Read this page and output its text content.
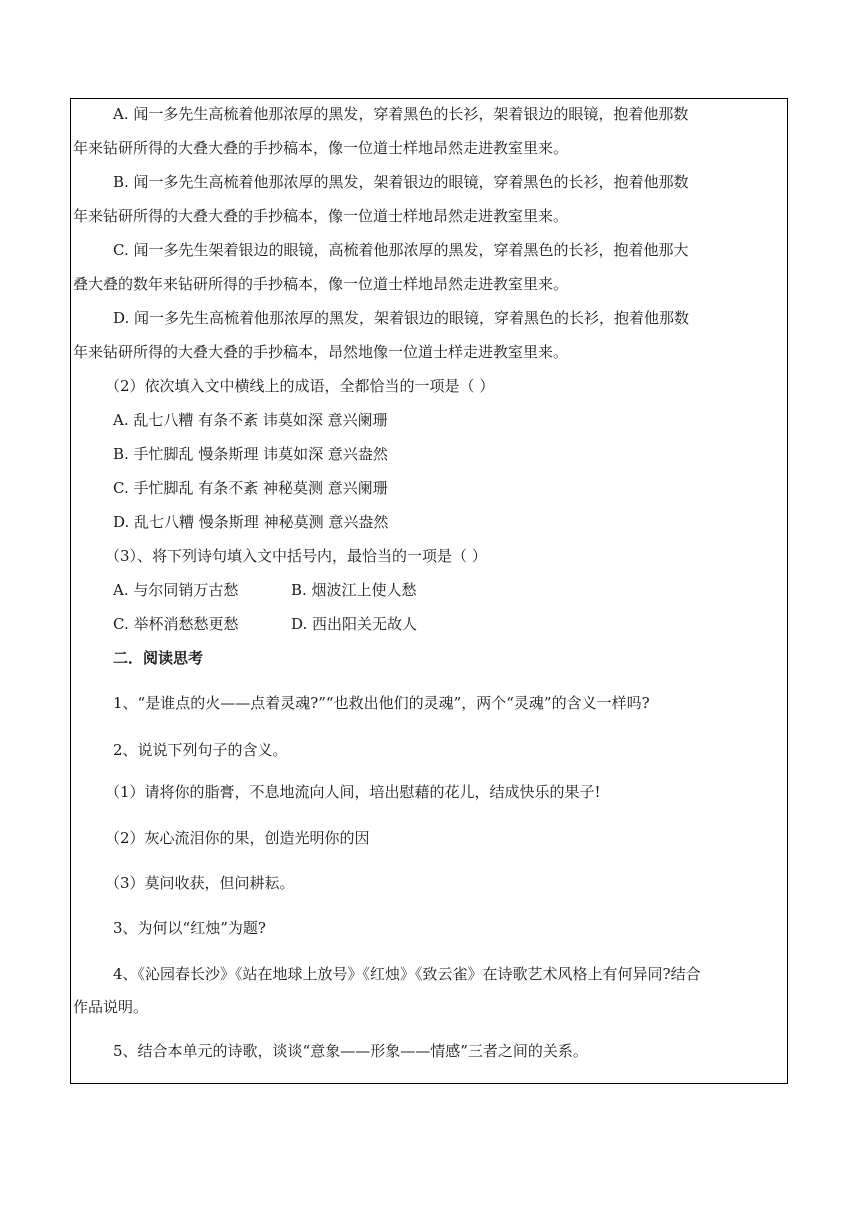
A. 闻一多先生高梳着他那浓厚的黑发，穿着黑色的长衫，架着银边的眼镜，抱着他那数
年来钻研所得的大叠大叠的手抄稿本，像一位道士样地昂然走进教室里来。
B. 闻一多先生高梳着他那浓厚的黑发，架着银边的眼镜，穿着黑色的长衫，抱着他那数
年来钻研所得的大叠大叠的手抄稿本，像一位道士样地昂然走进教室里来。
C. 闻一多先生架着银边的眼镜，高梳着他那浓厚的黑发，穿着黑色的长衫，抱着他那大
叠大叠的数年来钻研所得的手抄稿本，像一位道士样地昂然走进教室里来。
D. 闻一多先生高梳着他那浓厚的黑发，架着银边的眼镜，穿着黑色的长衫，抱着他那数
年来钻研所得的大叠大叠的手抄稿本，昂然地像一位道士样走进教室里来。
（2）依次填入文中横线上的成语，全都恰当的一项是（ ）
A. 乱七八糟 有条不紊 讳莫如深 意兴阑珊
B. 手忙脚乱 慢条斯理 讳莫如深 意兴盎然
C. 手忙脚乱 有条不紊 神秘莫测 意兴阑珊
D. 乱七八糟 慢条斯理 神秘莫测 意兴盎然
（3）、将下列诗句填入文中括号内，最恰当的一项是（ ）
A. 与尔同销万古愁	B. 烟波江上使人愁
C. 举杯消愁愁更愁	D. 西出阳关无故人
二．阅读思考
1、“是谁点的火——点着灵魂?”“也救出他们的灵魂”，两个“灵魂”的含义一样吗?
2、说说下列句子的含义。
（1）请将你的脂膏，不息地流向人间，培出慰藉的花儿，结成快乐的果子!
（2）灰心流泪你的果，创造光明你的因
（3）莫问收获，但问耕耘。
3、为何以“红烛”为题?
4、《沁园春长沙》《站在地球上放号》《红烛》《致云雀》在诗歌艺术风格上有何异同?结合
作品说明。
5、结合本单元的诗歌，谈谈“意象——形象——情感”三者之间的关系。
